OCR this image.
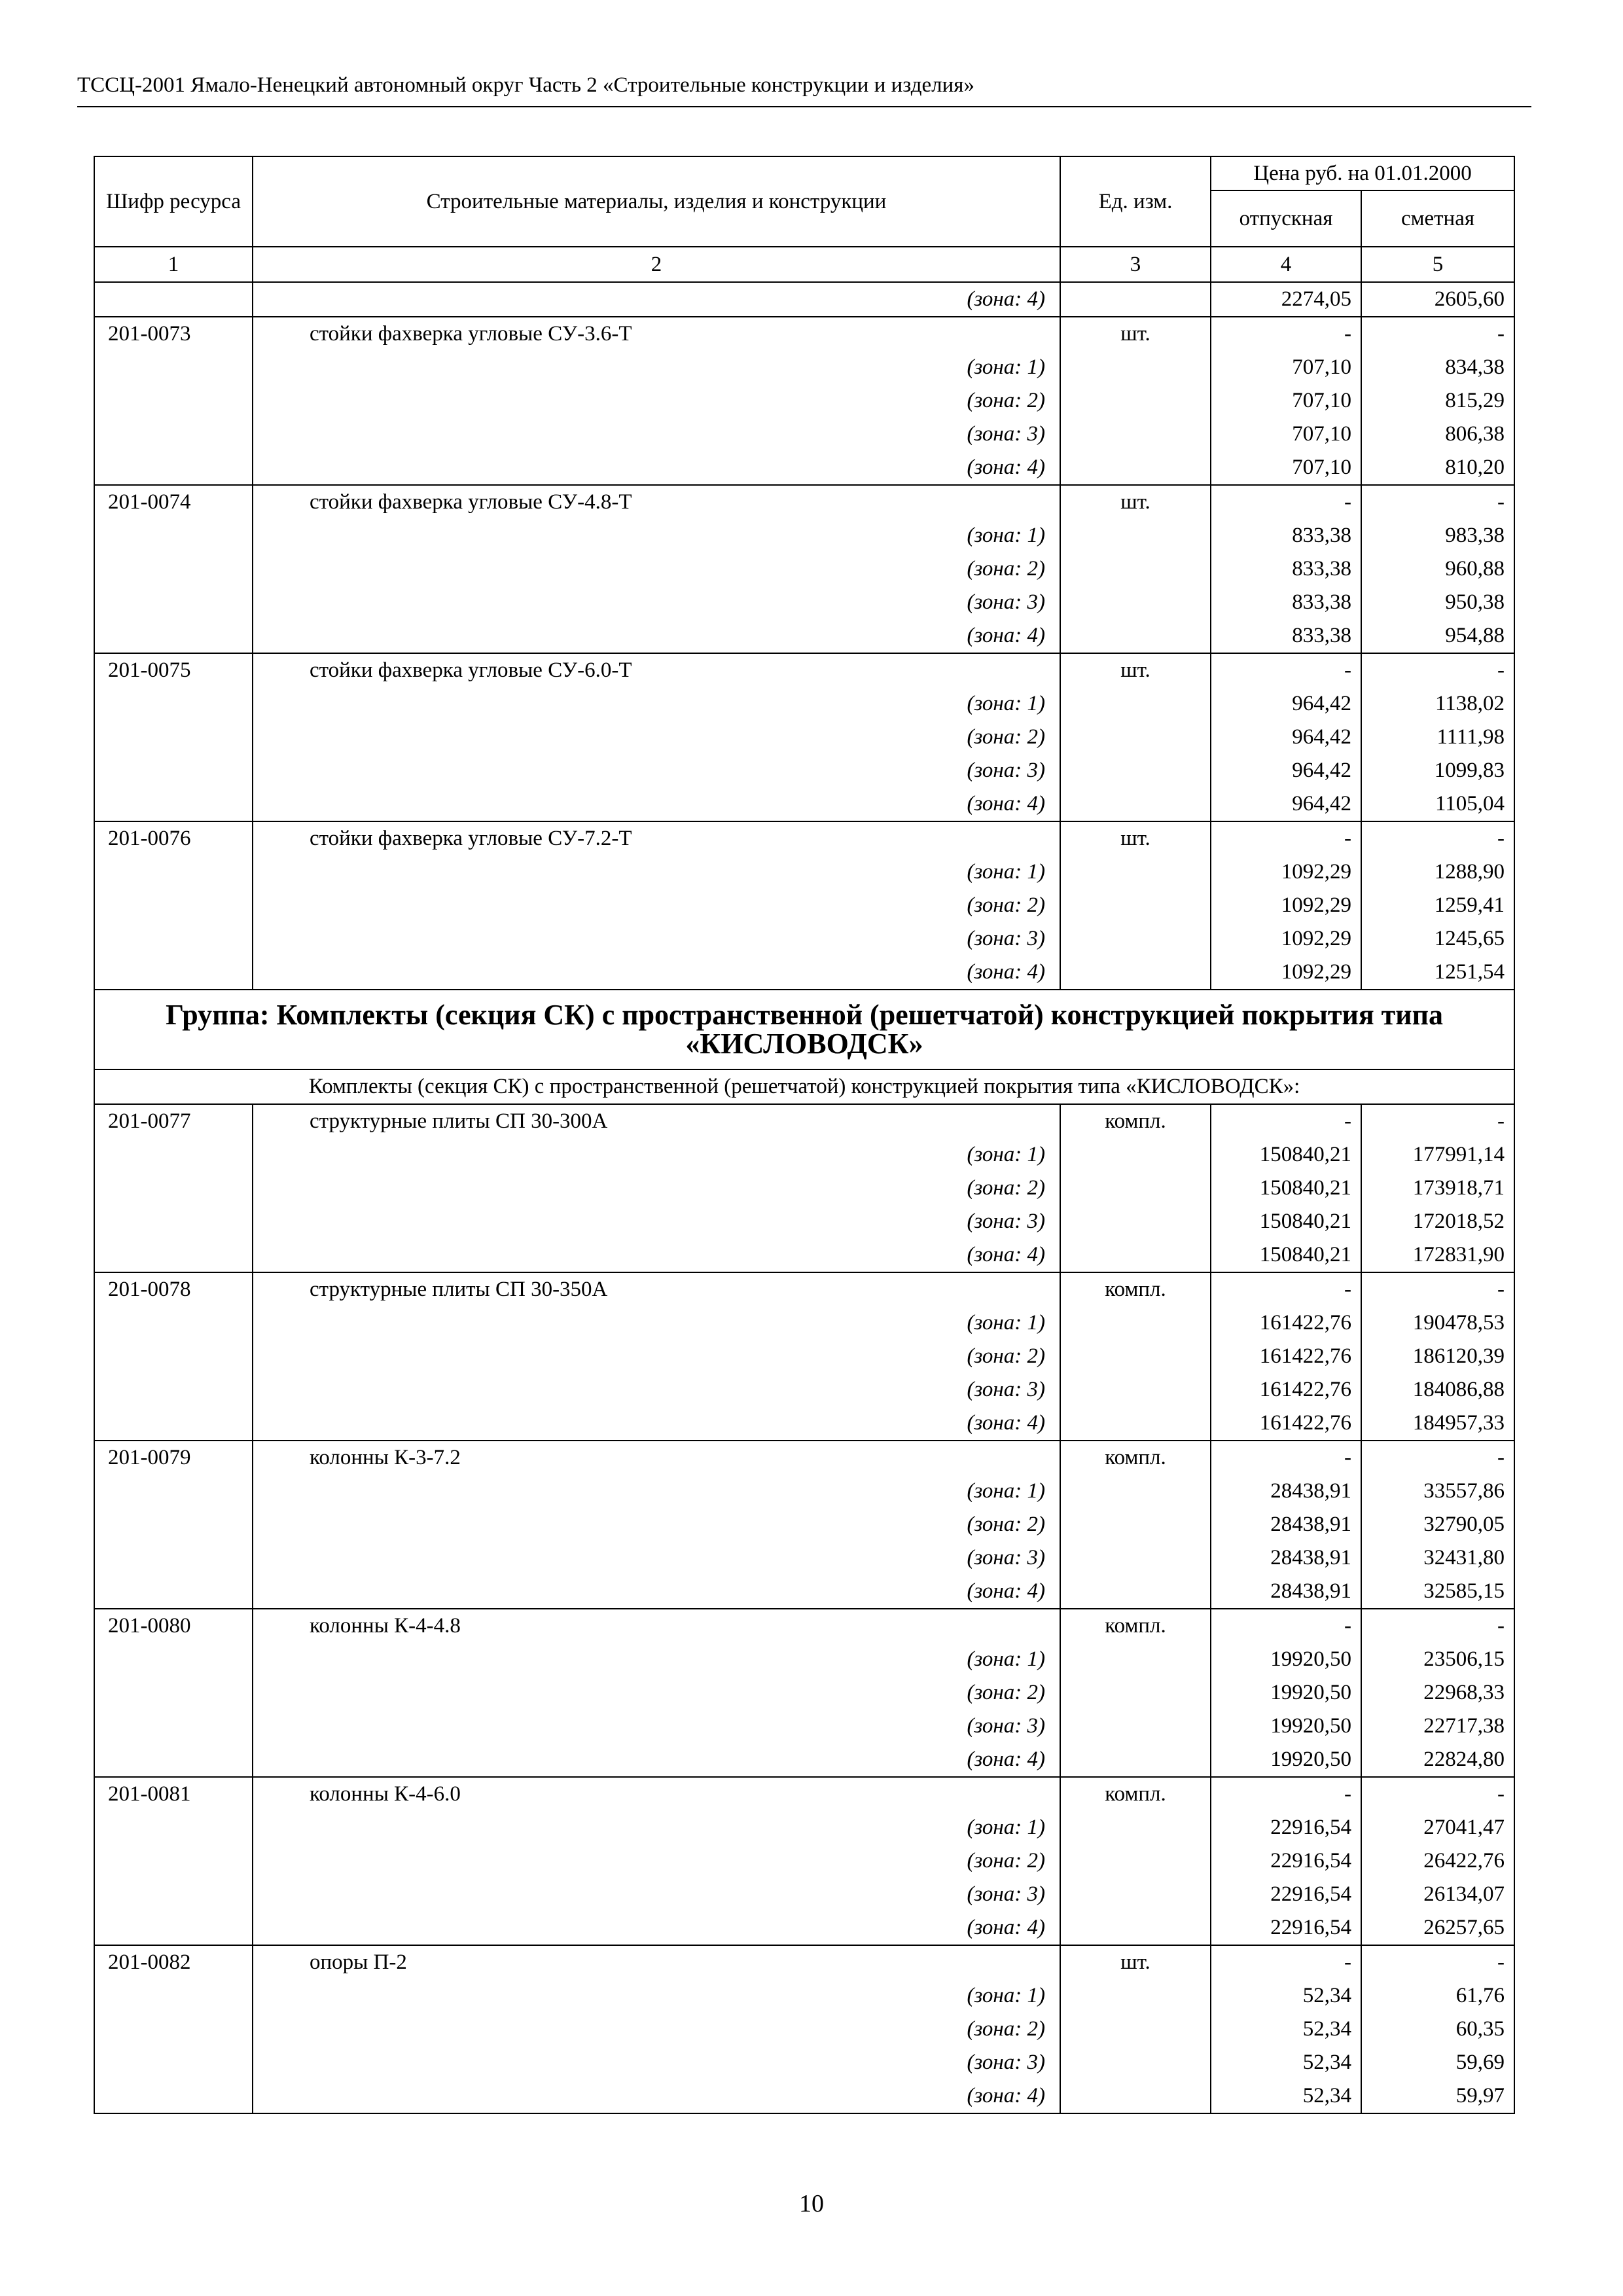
ТССЦ-2001 Ямало-Ненецкий автономный округ Часть 2 «Строительные конструкции и изделия»
Шифр ресурса	Строительные материалы, изделия и конструкции	Ед. изм.	Цена руб. на 01.01.2000	
			отпускная	сметная
1	2	3	4	5
	(зона: 4)		2274,05	2605,60
201-0073	стойки фахверка угловые СУ-3.6-Т	шт.	-	-
	(зона: 1)		707,10	834,38
	(зона: 2)		707,10	815,29
	(зона: 3)		707,10	806,38
	(зона: 4)		707,10	810,20
201-0074	стойки фахверка угловые СУ-4.8-Т	шт.	-	-
	(зона: 1)		833,38	983,38
	(зона: 2)		833,38	960,88
	(зона: 3)		833,38	950,38
	(зона: 4)		833,38	954,88
201-0075	стойки фахверка угловые СУ-6.0-Т	шт.	-	-
	(зона: 1)		964,42	1138,02
	(зона: 2)		964,42	1111,98
	(зона: 3)		964,42	1099,83
	(зона: 4)		964,42	1105,04
201-0076	стойки фахверка угловые СУ-7.2-Т	шт.	-	-
	(зона: 1)		1092,29	1288,90
	(зона: 2)		1092,29	1259,41
	(зона: 3)		1092,29	1245,65
	(зона: 4)		1092,29	1251,54
Группа: Комплекты (секция СК) с пространственной (решетчатой) конструкцией покрытия типа «КИСЛОВОДСК»				
Комплекты (секция СК) с пространственной (решетчатой) конструкцией покрытия типа «КИСЛОВОДСК»:				
201-0077	структурные плиты СП 30-300А	компл.	-	-
	(зона: 1)		150840,21	177991,14
	(зона: 2)		150840,21	173918,71
	(зона: 3)		150840,21	172018,52
	(зона: 4)		150840,21	172831,90
201-0078	структурные плиты СП 30-350А	компл.	-	-
	(зона: 1)		161422,76	190478,53
	(зона: 2)		161422,76	186120,39
	(зона: 3)		161422,76	184086,88
	(зона: 4)		161422,76	184957,33
201-0079	колонны К-3-7.2	компл.	-	-
	(зона: 1)		28438,91	33557,86
	(зона: 2)		28438,91	32790,05
	(зона: 3)		28438,91	32431,80
	(зона: 4)		28438,91	32585,15
201-0080	колонны К-4-4.8	компл.	-	-
	(зона: 1)		19920,50	23506,15
	(зона: 2)		19920,50	22968,33
	(зона: 3)		19920,50	22717,38
	(зона: 4)		19920,50	22824,80
201-0081	колонны К-4-6.0	компл.	-	-
	(зона: 1)		22916,54	27041,47
	(зона: 2)		22916,54	26422,76
	(зона: 3)		22916,54	26134,07
	(зона: 4)		22916,54	26257,65
201-0082	опоры П-2	шт.	-	-
	(зона: 1)		52,34	61,76
	(зона: 2)		52,34	60,35
	(зона: 3)		52,34	59,69
	(зона: 4)		52,34	59,97
10
